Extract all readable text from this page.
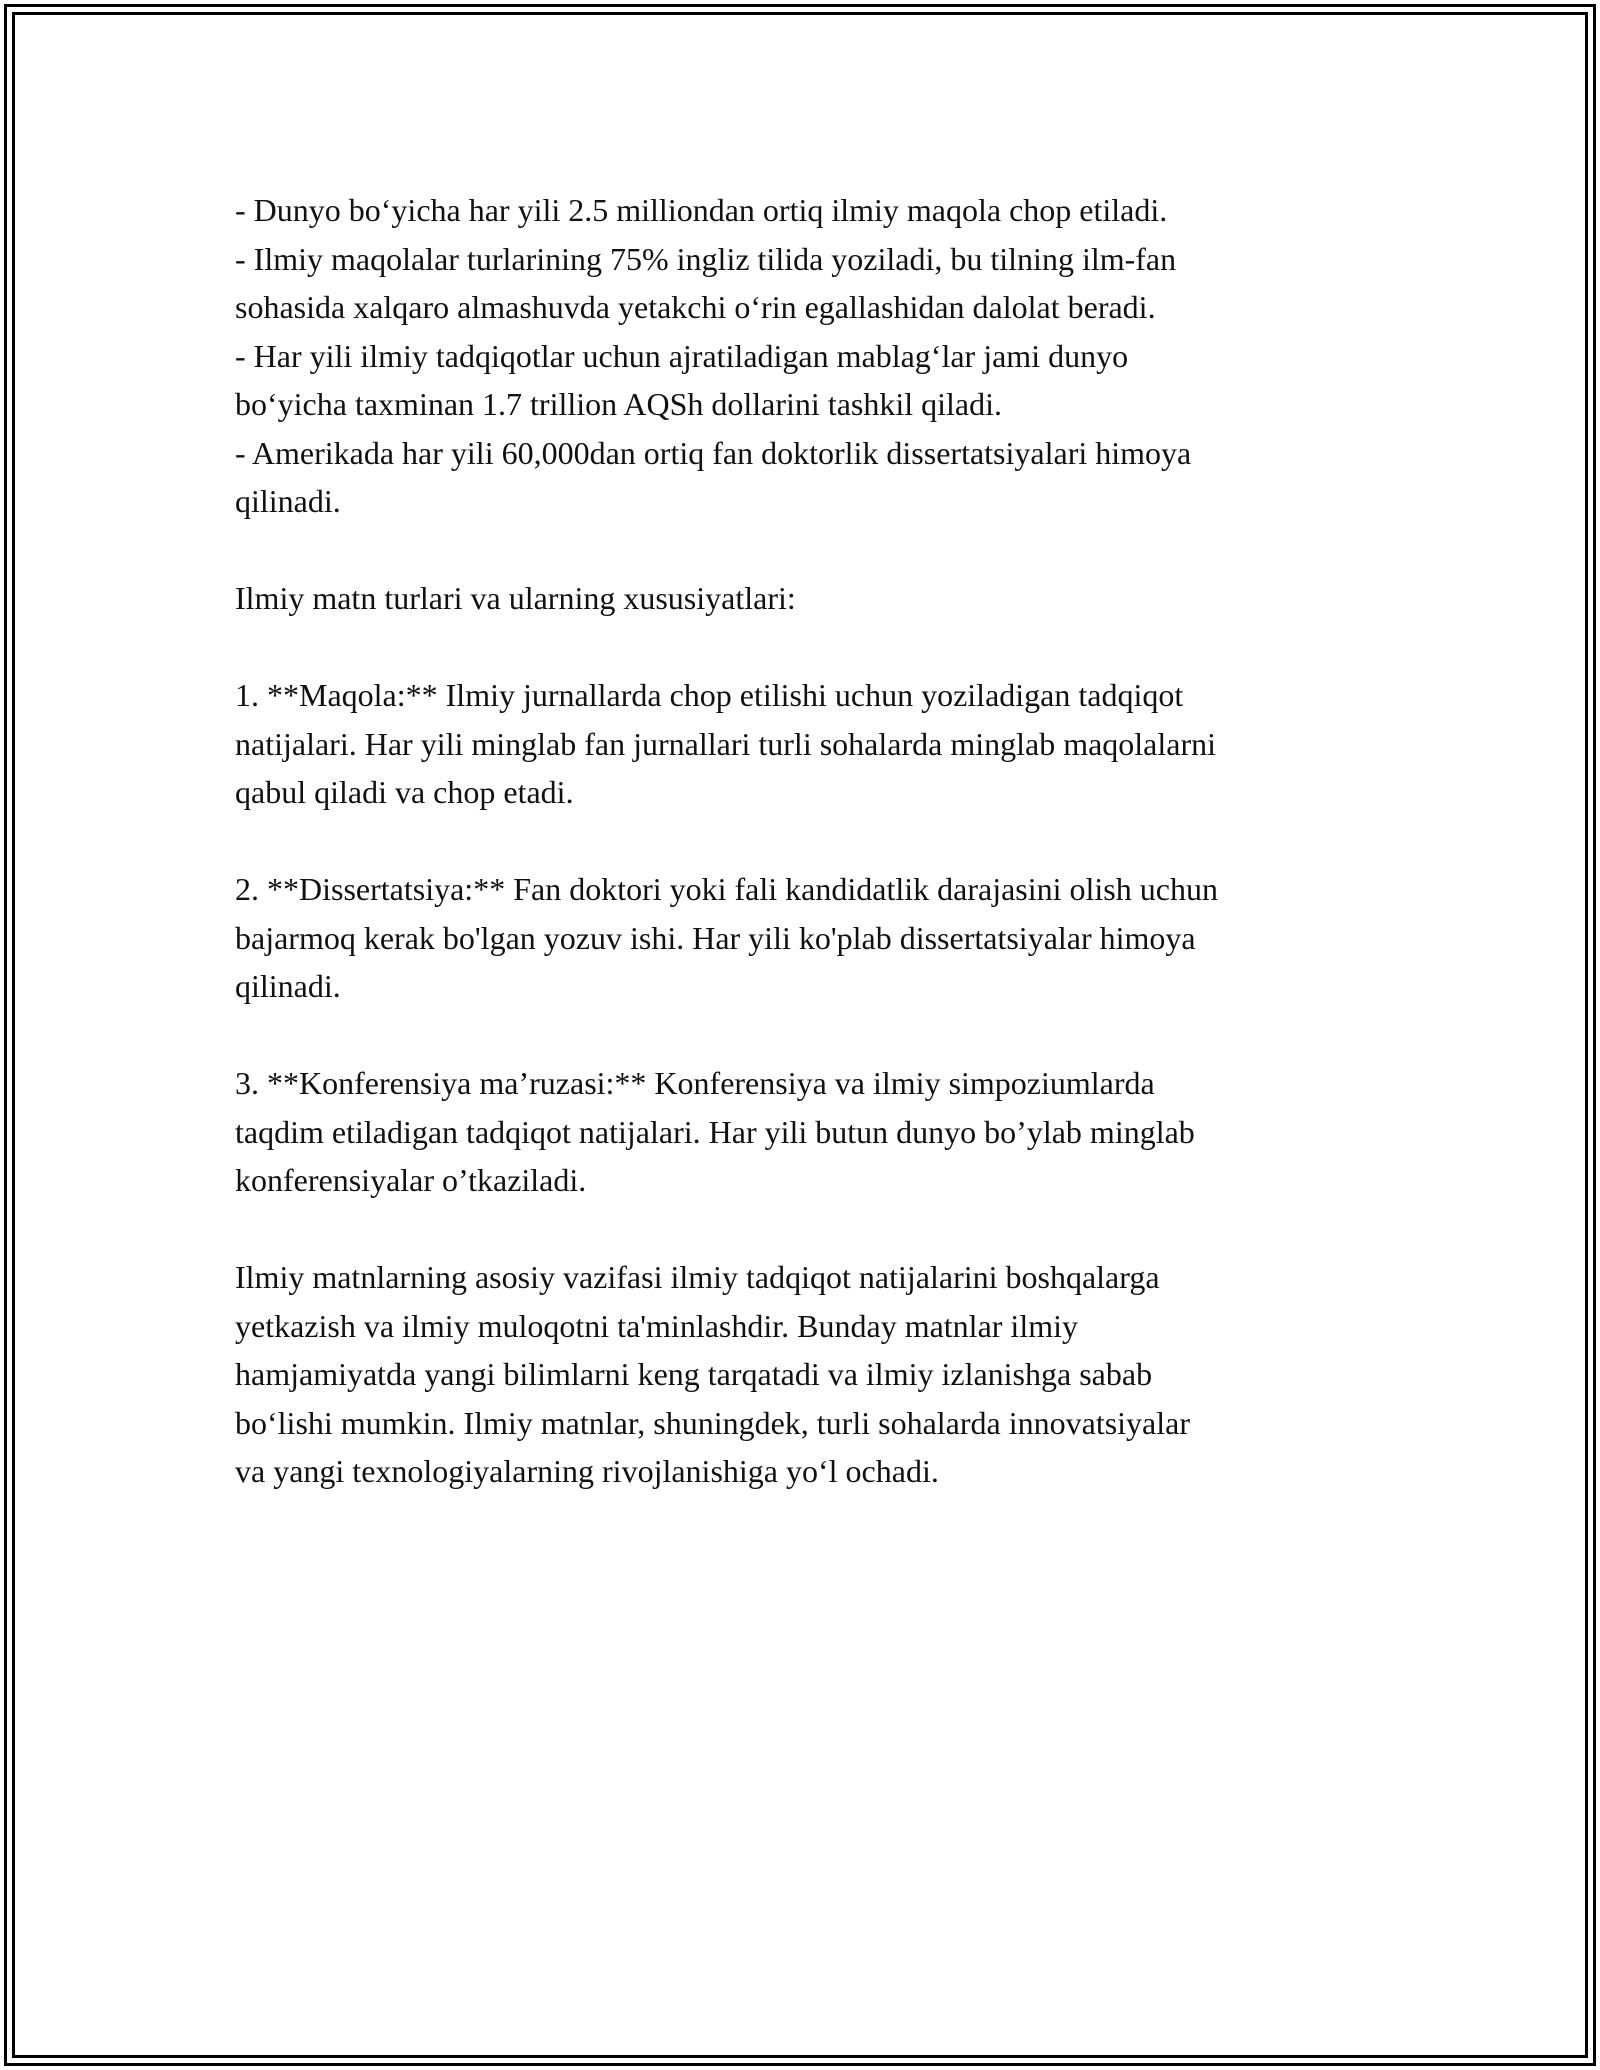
- Dunyo bo‘yicha har yili 2.5 milliondan ortiq ilmiy maqola chop etiladi.
- Ilmiy maqolalar turlarining 75% ingliz tilida yoziladi, bu tilning ilm-fan
sohasida xalqaro almashuvda yetakchi o‘rin egallashidan dalolat beradi.
- Har yili ilmiy tadqiqotlar uchun ajratiladigan mablag‘lar jami dunyo
bo‘yicha taxminan 1.7 trillion AQSh dollarini tashkil qiladi.
- Amerikada har yili 60,000dan ortiq fan doktorlik dissertatsiyalari himoya
qilinadi.
Ilmiy matn turlari va ularning xususiyatlari:
1. **Maqola:** Ilmiy jurnallarda chop etilishi uchun yoziladigan tadqiqot
natijalari. Har yili minglab fan jurnallari turli sohalarda minglab maqolalarni
qabul qiladi va chop etadi.
2. **Dissertatsiya:** Fan doktori yoki fali kandidatlik darajasini olish uchun
bajarmoq kerak bo'lgan yozuv ishi. Har yili ko'plab dissertatsiyalar himoya
qilinadi.
3. **Konferensiya ma’ruzasi:** Konferensiya va ilmiy simpoziumlarda
taqdim etiladigan tadqiqot natijalari. Har yili butun dunyo bo’ylab minglab
konferensiyalar o’tkaziladi.
Ilmiy matnlarning asosiy vazifasi ilmiy tadqiqot natijalarini boshqalarga
yetkazish va ilmiy muloqotni ta'minlashdir. Bunday matnlar ilmiy
hamjamiyatda yangi bilimlarni keng tarqatadi va ilmiy izlanishga sabab
bo‘lishi mumkin. Ilmiy matnlar, shuningdek, turli sohalarda innovatsiyalar
va yangi texnologiyalarning rivojlanishiga yo‘l ochadi.
